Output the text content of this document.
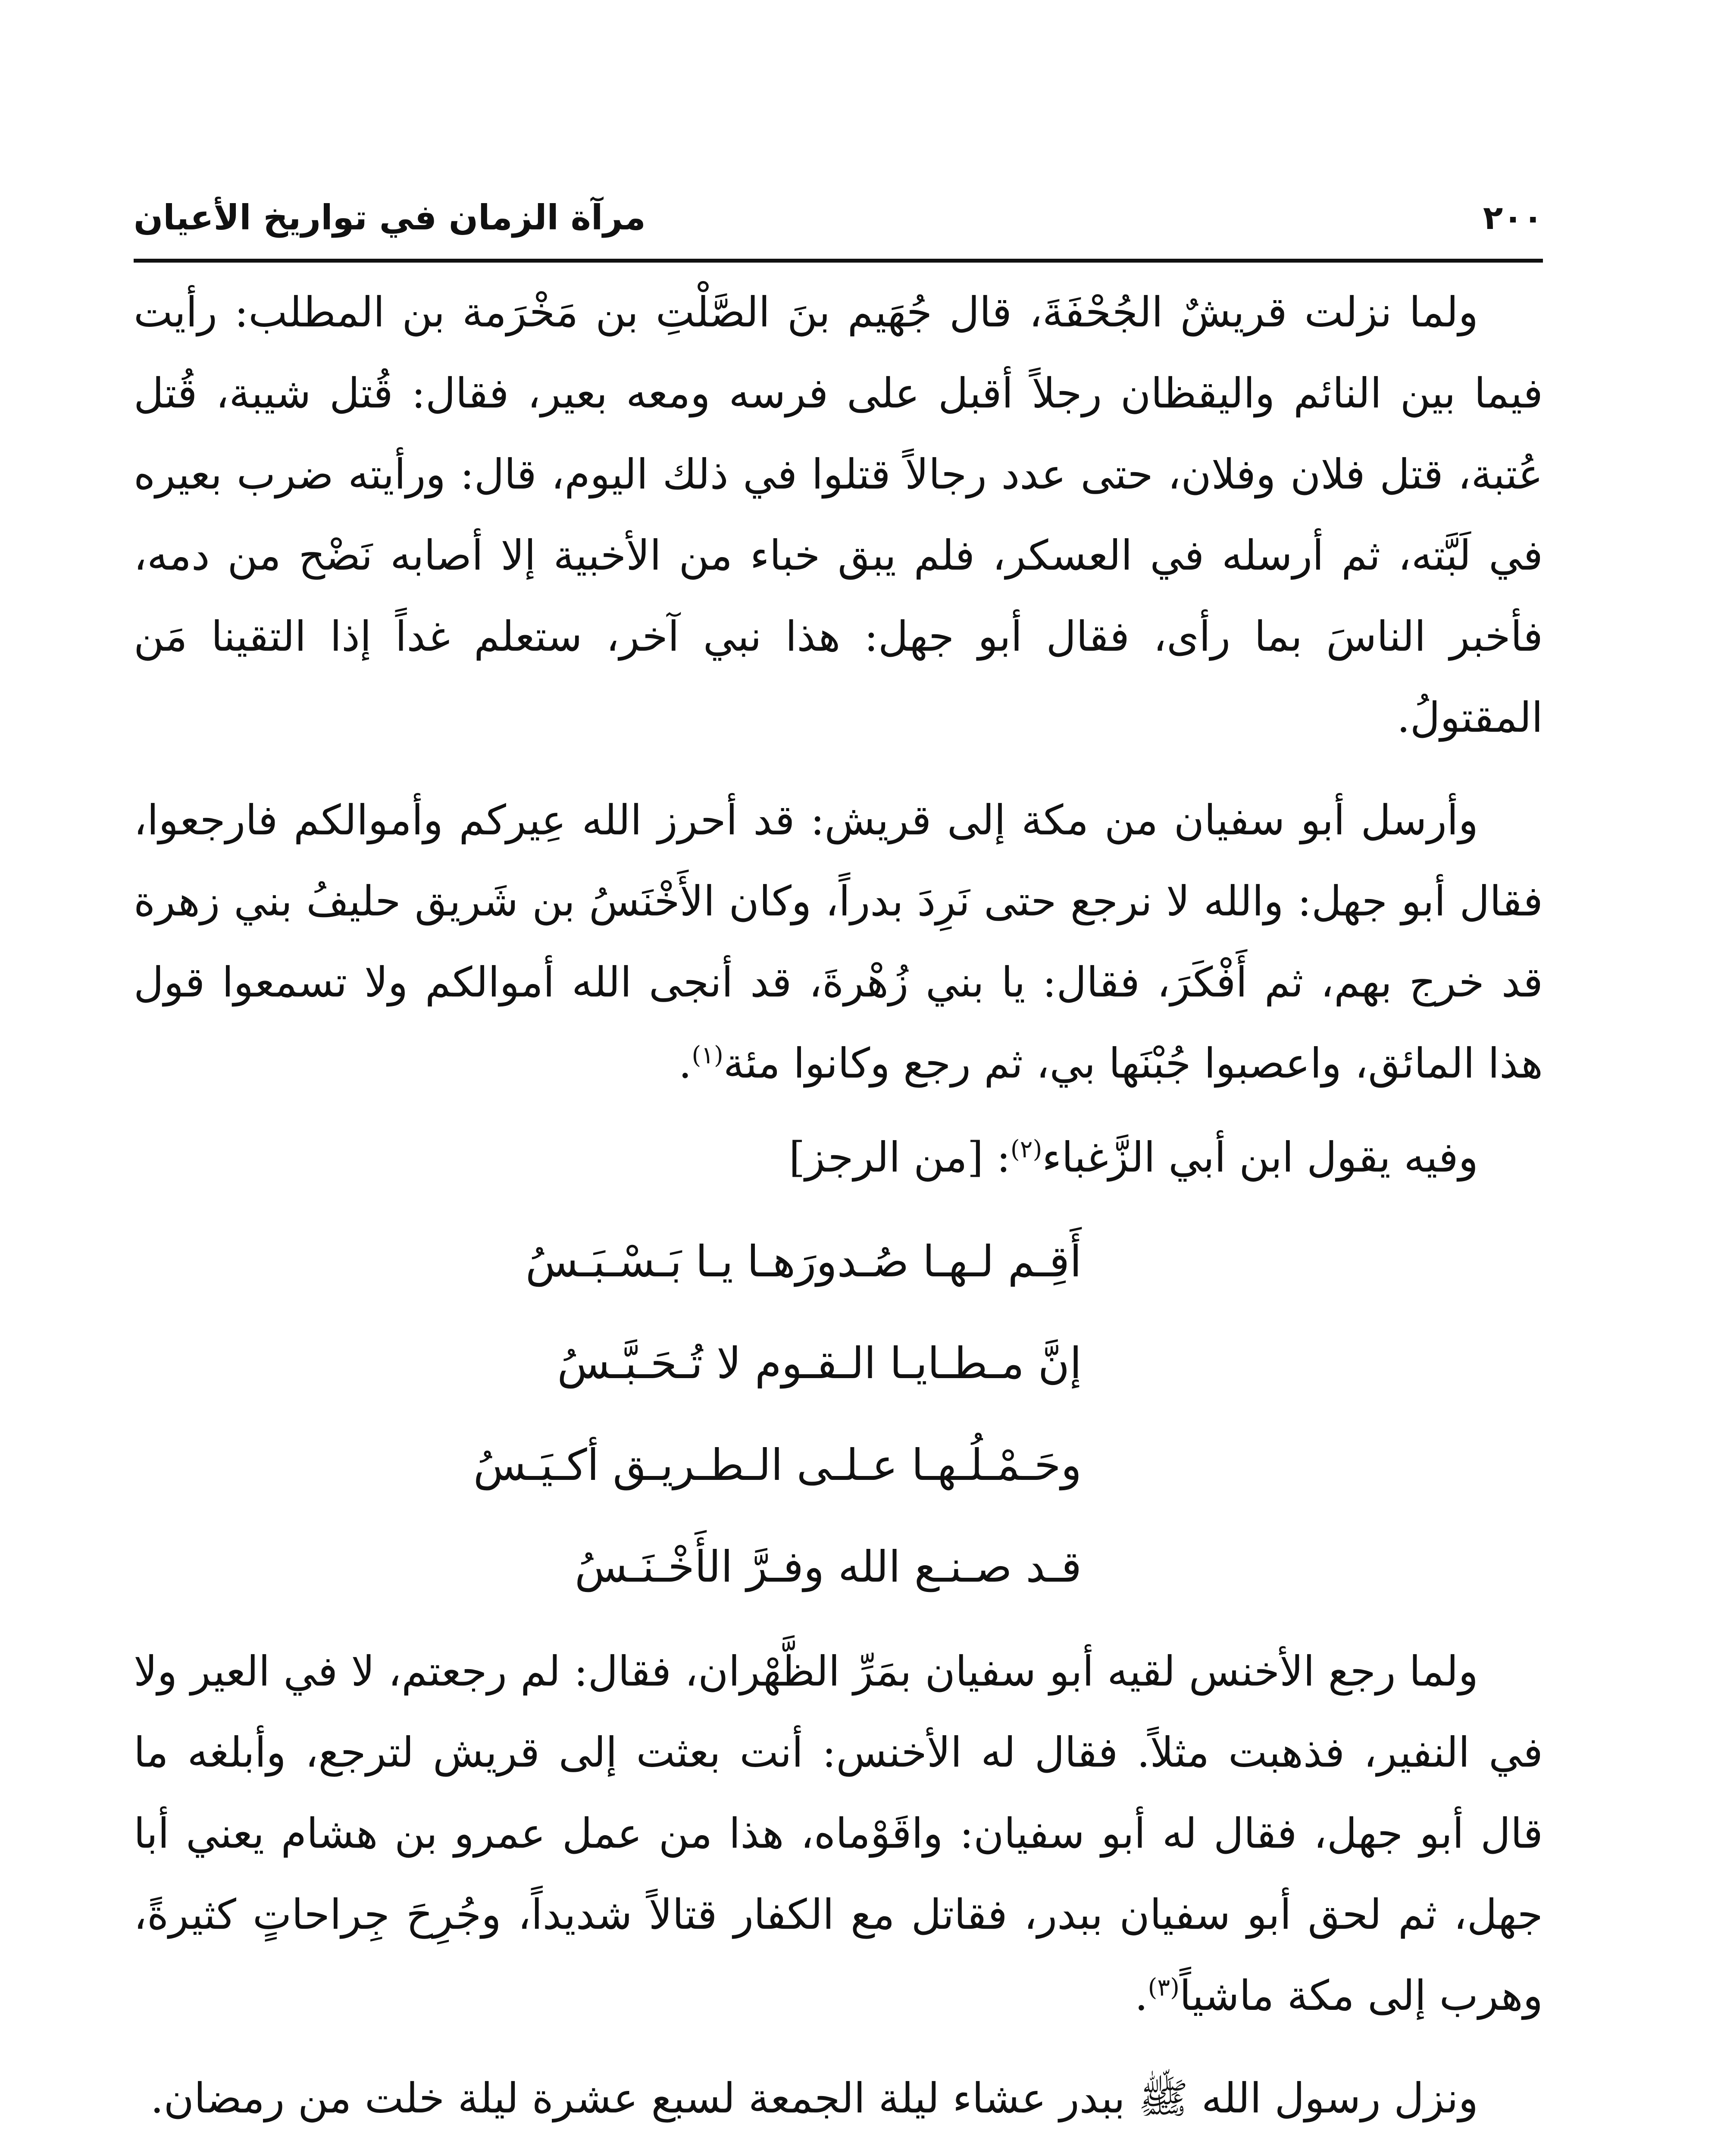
٢٠٠
مرآة الزمان في تواريخ الأعيان

ولما نزلت قريشٌ الجُحْفَةَ، قال جُهَيم بنَ الصَّلْتِ بن مَخْرَمة بن المطلب: رأيت فيما بين النائم واليقظان رجلاً أقبل على فرسه ومعه بعير، فقال: قُتل شيبة، قُتل عُتبة، قتل فلان وفلان، حتى عدد رجالاً قتلوا في ذلك اليوم، قال: ورأيته ضرب بعيره في لَبَّته، ثم أرسله في العسكر، فلم يبق خباء من الأخبية إلا أصابه نَضْح من دمه، فأخبر الناسَ بما رأى، فقال أبو جهل: هذا نبي آخر، ستعلم غداً إذا التقينا مَن المقتولُ.

وأرسل أبو سفيان من مكة إلى قريش: قد أحرز الله عِيركم وأموالكم فارجعوا، فقال أبو جهل: والله لا نرجع حتى نَرِدَ بدراً، وكان الأَخْنَسُ بن شَريق حليفُ بني زهرة قد خرج بهم، ثم أَفْكَرَ، فقال: يا بني زُهْرةَ، قد أنجى الله أموالكم ولا تسمعوا قول هذا المائق، واعصبوا جُبْنَها بي، ثم رجع وكانوا مئة$^{(١)}$.

وفيه يقول ابن أبي الزَّغباء$^{(٢)}$: [من الرجز]

أَقِـم لـهـا صُـدورَهـا يـا بَـسْـبَـسُ
إنَّ مـطـايـا الـقـوم لا تُـحَـبَّـسُ
وحَـمْـلُـهـا عـلـى الـطـريـق أكـيَـسُ
قـد صـنـع الله وفـرَّ الأَخْـنَـسُ

ولما رجع الأخنس لقيه أبو سفيان بمَرِّ الظَّهْران، فقال: لم رجعتم، لا في العير ولا في النفير، فذهبت مثلاً. فقال له الأخنس: أنت بعثت إلى قريش لترجع، وأبلغه ما قال أبو جهل، فقال له أبو سفيان: واقَوْماه، هذا من عمل عمرو بن هشام يعني أبا جهل، ثم لحق أبو سفيان ببدر، فقاتل مع الكفار قتالاً شديداً، وجُرِحَ جِراحاتٍ كثيرةً، وهرب إلى مكة ماشياً$^{(٣)}$.

ونزل رسول الله ﷺ ببدر عشاء ليلة الجمعة لسبع عشرة ليلة خلت من رمضان.
